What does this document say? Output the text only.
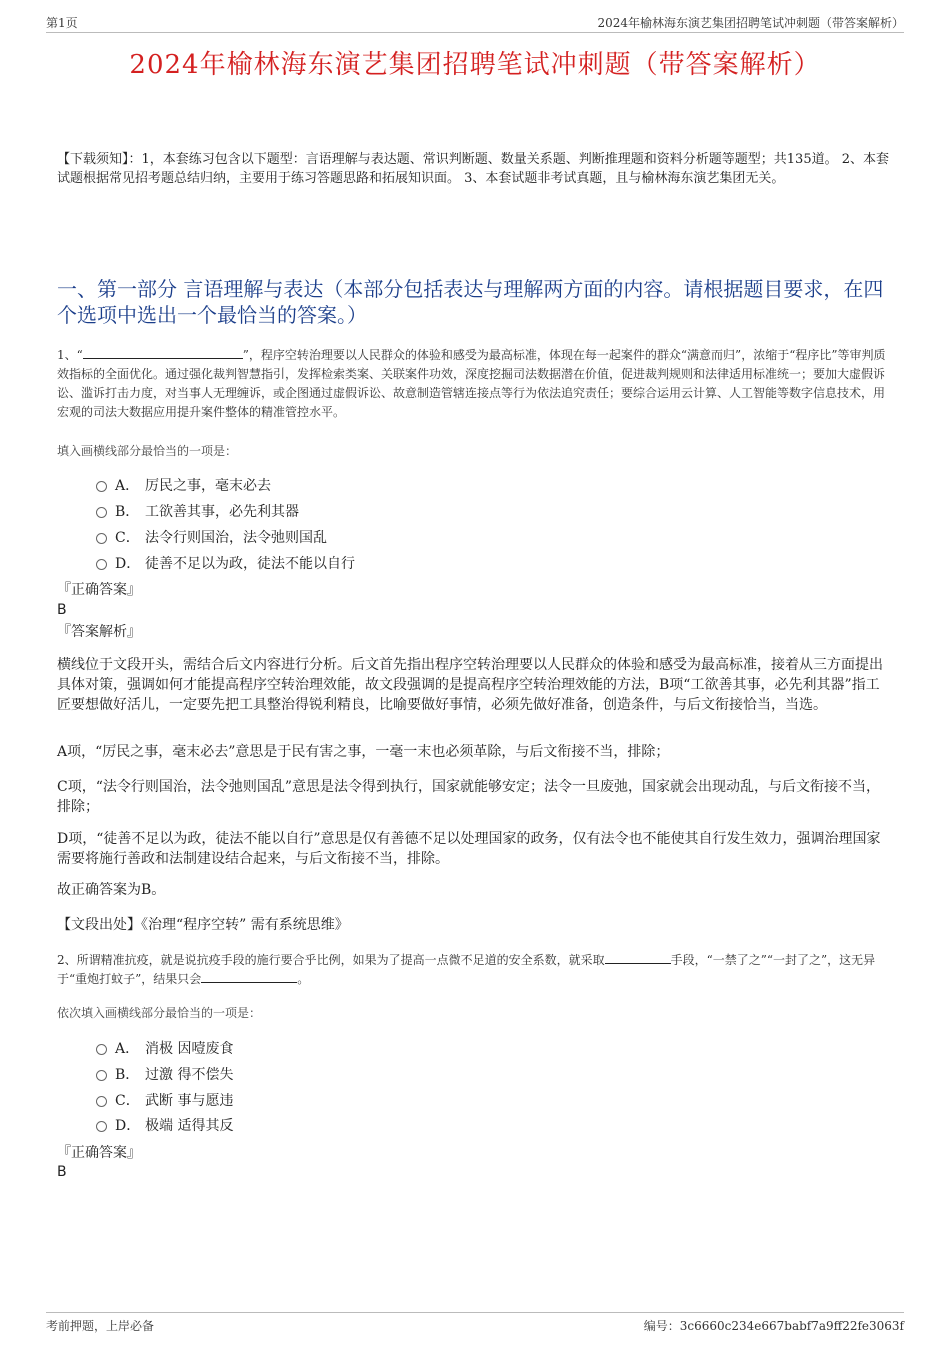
第1页	2024年榆林海东演艺集团招聘笔试冲刺题（带答案解析）
2024年榆林海东演艺集团招聘笔试冲刺题（带答案解析）
【下载须知】：1，本套练习包含以下题型：言语理解与表达题、常识判断题、数量关系题、判断推理题和资料分析题等题型；共135道。 2、本套试题根据常见招考题总结归纳，主要用于练习答题思路和拓展知识面。 3、本套试题非考试真题，且与榆林海东演艺集团无关。
一、第一部分 言语理解与表达（本部分包括表达与理解两方面的内容。请根据题目要求，在四个选项中选出一个最恰当的答案。）
1、“	”，程序空转治理要以人民群众的体验和感受为最高标准，体现在每一起案件的群众“满意而归”，浓缩于“程序比”等审判质效指标的全面优化。通过强化裁判智慧指引，发挥检索类案、关联案件功效，深度挖掘司法数据潜在价值，促进裁判规则和法律适用标准统一；要加大虚假诉讼、滥诉打击力度，对当事人无理缠诉，或企图通过虚假诉讼、故意制造管辖连接点等行为依法追究责任；要综合运用云计算、人工智能等数字信息技术，用宏观的司法大数据应用提升案件整体的精准管控水平。
填入画横线部分最恰当的一项是：
A． 厉民之事，毫末必去
B． 工欲善其事，必先利其器
C． 法令行则国治，法令弛则国乱
D． 徒善不足以为政，徒法不能以自行
『正确答案』
B
『答案解析』
横线位于文段开头，需结合后文内容进行分析。后文首先指出程序空转治理要以人民群众的体验和感受为最高标准，接着从三方面提出具体对策，强调如何才能提高程序空转治理效能，故文段强调的是提高程序空转治理效能的方法，B项“工欲善其事，必先利其器”指工匠要想做好活儿，一定要先把工具整治得锐利精良，比喻要做好事情，必须先做好准备，创造条件，与后文衔接恰当，当选。
A项，“厉民之事，毫末必去”意思是于民有害之事，一毫一末也必须革除，与后文衔接不当，排除；
C项，“法令行则国治，法令弛则国乱”意思是法令得到执行，国家就能够安定；法令一旦废弛，国家就会出现动乱，与后文衔接不当，排除；
D项，“徒善不足以为政，徒法不能以自行”意思是仅有善德不足以处理国家的政务，仅有法令也不能使其自行发生效力，强调治理国家需要将施行善政和法制建设结合起来，与后文衔接不当，排除。
故正确答案为B。
【文段出处】《治理“程序空转” 需有系统思维》
2、所谓精准抗疫，就是说抗疫手段的施行要合乎比例，如果为了提高一点微不足道的安全系数，就采取	手段，“一禁了之”“一封了之”，这无异于“重炮打蚊子”，结果只会	。
依次填入画横线部分最恰当的一项是：
A． 消极 因噎废食
B． 过激 得不偿失
C． 武断 事与愿违
D． 极端 适得其反
『正确答案』
B
考前押题，上岸必备	编号：3c6660c234e667babf7a9ff22fe3063f
